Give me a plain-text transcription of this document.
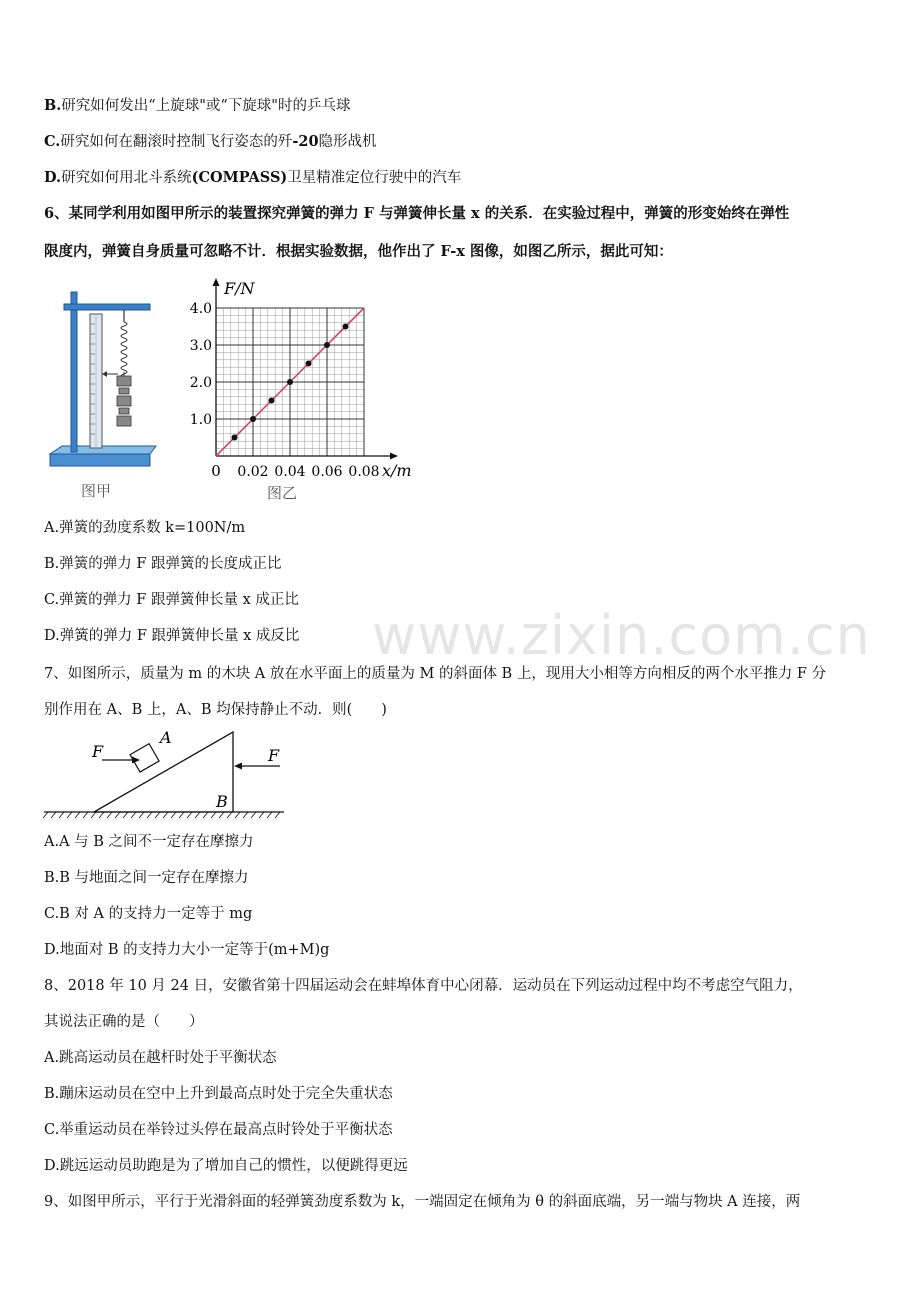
www.zixin.com.cn
B.研究如何发出“上旋球"或“下旋球"时的乒乓球
C.研究如何在翻滚时控制飞行姿态的歼-20隐形战机
D.研究如何用北斗系统(COMPASS)卫星精准定位行驶中的汽车
6、某同学利用如图甲所示的装置探究弹簧的弹力 F 与弹簧伸长量 x 的关系．在实验过程中，弹簧的形变始终在弹性
限度内，弹簧自身质量可忽略不计．根据实验数据，他作出了 F-x 图像，如图乙所示，据此可知：
图甲
0.02 0.04 0.06 0.08
1.0
2.0
3.0
4.0
0	x/m
F/N
图乙
A.弹簧的劲度系数 k=100N/m
B.弹簧的弹力 F 跟弹簧的长度成正比
C.弹簧的弹力 F 跟弹簧伸长量 x 成正比
D.弹簧的弹力 F 跟弹簧伸长量 x 成反比
7、如图所示，质量为 m 的木块 A 放在水平面上的质量为 M 的斜面体 B 上，现用大小相等方向相反的两个水平推力 F 分
别作用在 A、B 上，A、B 均保持静止不动．则(　　)
F	F
A
B
A.A 与 B 之间不一定存在摩擦力
B.B 与地面之间一定存在摩擦力
C.B 对 A 的支持力一定等于 mg
D.地面对 B 的支持力大小一定等于(m+M)g
8、2018 年 10 月 24 日，安徽省第十四届运动会在蚌埠体育中心闭幕．运动员在下列运动过程中均不考虑空气阻力，
其说法正确的是（　　）
A.跳高运动员在越杆时处于平衡状态
B.蹦床运动员在空中上升到最高点时处于完全失重状态
C.举重运动员在举铃过头停在最高点时铃处于平衡状态
D.跳远运动员助跑是为了增加自己的惯性，以便跳得更远
9、如图甲所示，平行于光滑斜面的轻弹簧劲度系数为 k，一端固定在倾角为 θ 的斜面底端，另一端与物块 A 连接，两
